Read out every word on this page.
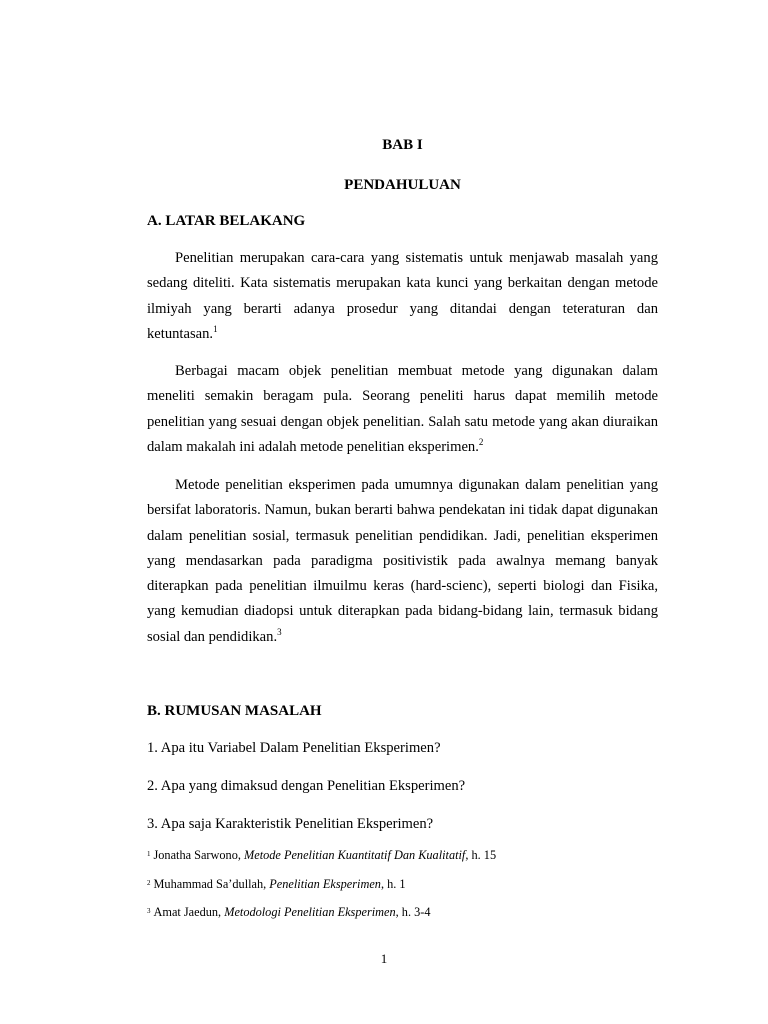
BAB I
PENDAHULUAN
A. LATAR BELAKANG

Penelitian merupakan cara-cara yang sistematis untuk menjawab masalah yang sedang diteliti. Kata sistematis merupakan kata kunci yang berkaitan dengan metode ilmiyah yang berarti adanya prosedur yang ditandai dengan teteraturan dan ketuntasan.$^1$

Berbagai macam objek penelitian membuat metode yang digunakan dalam meneliti semakin beragam pula. Seorang peneliti harus dapat memilih metode penelitian yang sesuai dengan objek penelitian. Salah satu metode yang akan diuraikan dalam makalah ini adalah metode penelitian eksperimen.$^2$

Metode penelitian eksperimen pada umumnya digunakan dalam penelitian yang bersifat laboratoris. Namun, bukan berarti bahwa pendekatan ini tidak dapat digunakan dalam penelitian sosial, termasuk penelitian pendidikan. Jadi, penelitian eksperimen yang mendasarkan pada paradigma positivistik pada awalnya memang banyak diterapkan pada penelitian ilmuilmu keras (hard-scienc), seperti biologi dan Fisika, yang kemudian diadopsi untuk diterapkan pada bidang-bidang lain, termasuk bidang sosial dan pendidikan.$^3$

B. RUMUSAN MASALAH
1. Apa itu Variabel Dalam Penelitian Eksperimen?
2. Apa yang dimaksud dengan Penelitian Eksperimen?
3. Apa saja Karakteristik Penelitian Eksperimen?
$^1$ Jonatha Sarwono, Metode Penelitian Kuantitatif Dan Kualitatif, h. 15
$^2$ Muhammad Sa’dullah, Penelitian Eksperimen, h. 1
$^3$ Amat Jaedun, Metodologi Penelitian Eksperimen, h. 3-4
1
